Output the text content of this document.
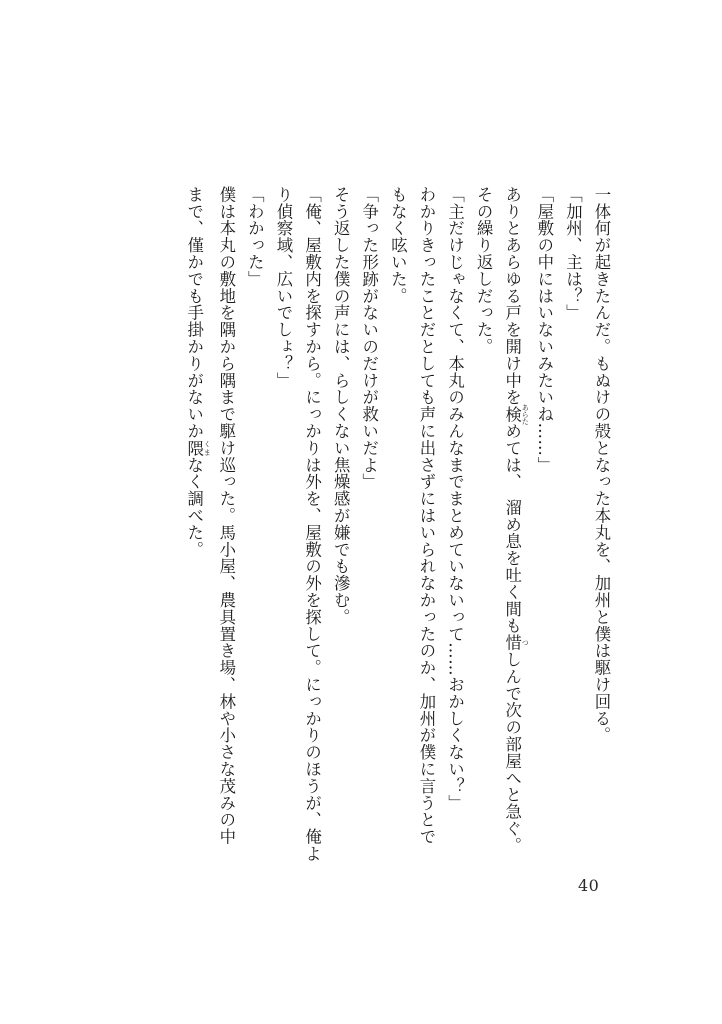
一体何が起きたんだ。もぬけの殻となった本丸を、加州と僕は駆け回る。
「加州、主は？」
「屋敷の中にはいないみたいね……」
ありとあらゆる戸を開け中を検 あらためては、　溜め息を吐く間も惜 つしんで次の部屋へと急ぐ。
その繰り返しだった。
「主だけじゃなくて、本丸のみんなまでまとめていないって……おかしくない？」
わかりきったことだとしても声に出さずにはいられなかったのか、加州が僕に言うとで
もなく呟いた。
「争った形跡がないのだけが救いだよ」
そう返した僕の声には、らしくない焦燥感が嫌でも滲む。
「俺、屋敷内を探すから。にっかりは外を、屋敷の外を探して。にっかりのほうが、俺よ
り偵察域、広いでしょ？」
「わかった」
僕は本丸の敷地を隅から隅まで駆け巡った。馬小屋、農具置き場、林や小さな茂みの中
まで、僅かでも手掛かりがないか隈 くまなく調べた。
40
